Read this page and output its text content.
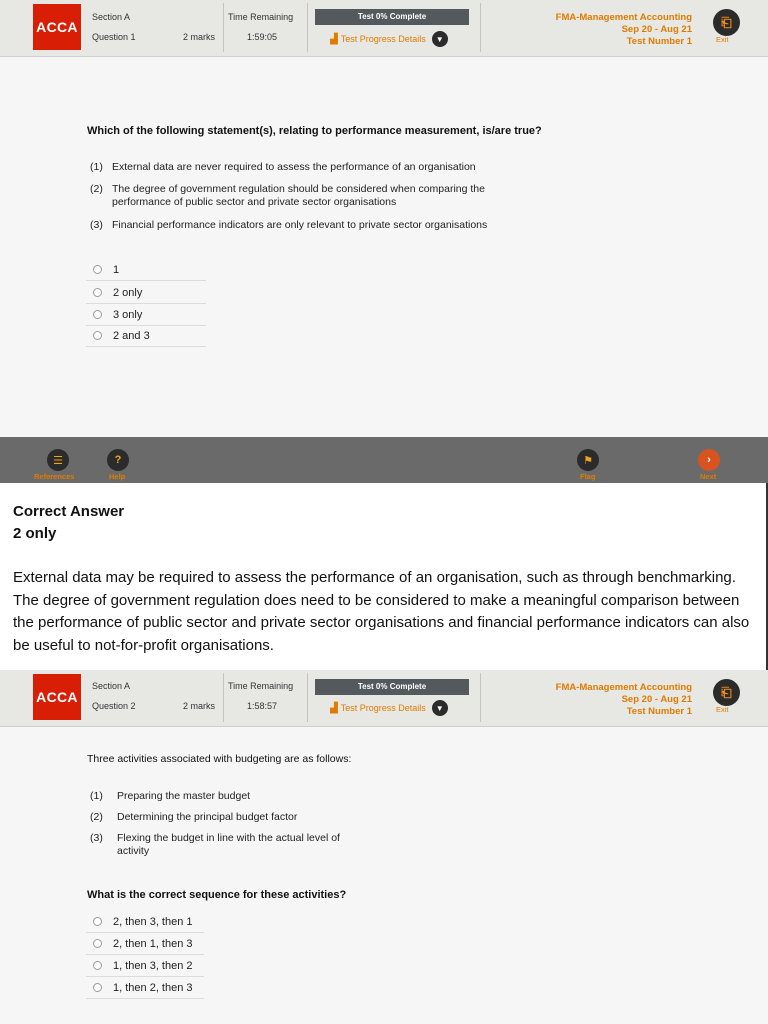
ACCA
Section A
Question 1	2 marks
Time Remaining
1:59:05
Test 0% Complete
▟ Test Progress Details	▼
FMA-Management Accounting
Sep 20 - Aug 21
Test Number 1
⎗
Exit
Which of the following statement(s), relating to performance measurement, is/are true?
(1) External data are never required to assess the performance of an organisation
(2) The degree of government regulation should be considered when comparing the
performance of public sector and private sector organisations
(3) Financial performance indicators are only relevant to private sector organisations
1
2 only
3 only
2 and 3
☰
References
?
Help
⚑
Flag
›
Next
Correct Answer
2 only
External data may be required to assess the performance of an organisation, such as through benchmarking. The degree of government regulation does need to be considered to make a meaningful comparison between the performance of public sector and private sector organisations and financial performance indicators can also be useful to not-for-profit organisations.
ACCA
Section A
Question 2	2 marks
Time Remaining
1:58:57
Test 0% Complete
▟ Test Progress Details	▼
FMA-Management Accounting
Sep 20 - Aug 21
Test Number 1
⎗
Exit
Three activities associated with budgeting are as follows:
(1) Preparing the master budget
(2) Determining the principal budget factor
(3) Flexing the budget in line with the actual level of
activity
What is the correct sequence for these activities?
2, then 3, then 1
2, then 1, then 3
1, then 3, then 2
1, then 2, then 3
